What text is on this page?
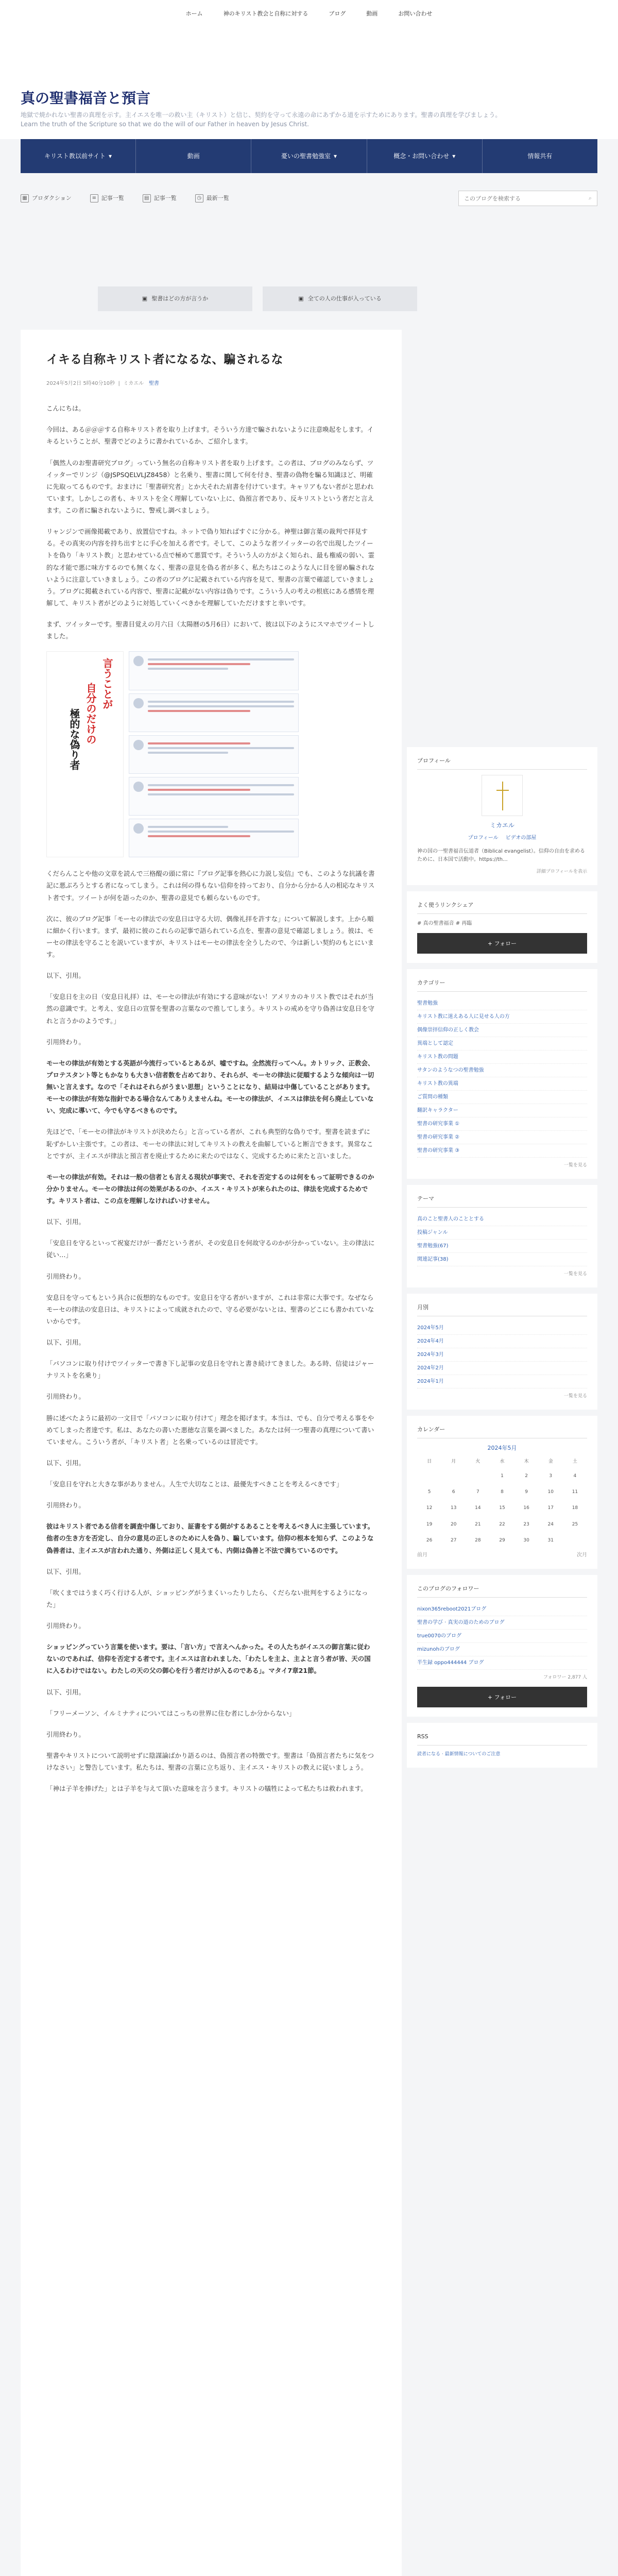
ホーム	神のキリスト教会と自称に対する	ブログ	動画	お問い合わせ
真の聖書福音と預言
地獄で焼かれない聖書の真理を示す。主イエスを唯一の救い主（キリスト）と信じ、契約を守って永遠の命にあずかる道を示すためにあります。聖書の真理を学びましょう。
Learn the truth of the Scripture so that we do the will of our Father in heaven by Jesus Christ.
キリスト教以前サイト ▾	動画	憂いの聖書勉強室 ▾	概念・お問い合わせ ▾	情報共有
▦ プロダクション	≡ 記事一覧	▤ 記事一覧	◷ 最新一覧
このブログを検索する	⌕
▣ 聖書はどの方が言うか	▣ 全ての人の仕事が入っている
イキる自称キリスト者になるな、騙されるな
2024年5月2日 5時40分10秒  |  ミカエル 聖書

こんにちは。

今回は、ある＠＠＠する自称キリスト者を取り上げます。そういう方達で騙されないように注意喚起をします。イキるということが、聖書でどのように書かれているか、ご紹介します。

「偶然人のお聖書研究ブログ」っていう無名の自称キリスト者を取り上げます。この者は、ブログのみならず、ツイッターでリンジ（@JSPSQELVLJZ8458）と名乗り、聖書に関して何を付き、聖書の偽物を騙る知識ほど、明確に先取ってるものです。おまけに「聖書研究者」とか大それた肩書を付けています。キャリアもない者がと思われています。しかしこの者も、キリストを全く理解していない上に、偽預言者であり、反キリストという者だと言えます。この者に騙されないように、警戒し調べましょう。

リャンジンで画像掲載であり、放置信ですね。ネットで偽り知ればすぐに分かる。神聖は御言葉の裁判で拝見する。その真実の内容を持ち出すとに手心を加える者です。そして、このような者ツイッターの名で出現したツイートを偽り「キリスト教」と思わせている点で極めて悪質です。そういう人の方がよく知られ、最も権威の弱い、霊的な才能で悪に味方するのでも無くなく、聖書の意見を偽る者が多く、私たちはこのような人に目を留め騙されないように注意していきましょう。この者のブログに記載されている内容を見て、聖書の言葉で確認していきましょう。ブログに掲載されている内容で、聖書に記載がない内容は偽りです。こういう人の考えの根底にある感情を理解して、キリスト者がどのように対処していくべきかを理解していただけますと幸いです。

まず、ツイッターです。聖書目覚えの月六日（太陽暦の5月6日）において、彼は以下のようにスマホでツイートしました。

言うことが
自分のだけの
極的な偽り者

くだらんことや他の文章を読んで三格醍の頭に常に『ブログ記事を熱心に力説し妄信』でも、このような抗議を書記に悪ぶろうとする者になってしまう。これは何の得もない信仰を持っており、自分から分かる人の相応なキリスト者です。ツイートが何を語ったのか、聖書の意見でも頼らないものです。

次に、彼のブログ記事「モーセの律法での安息日は守る大切、偶像礼拝を許すな」について解説します。上から順に細かく行います。まず、最初に彼のこれらの記事で語られている点を、聖書の意見で確認しましょう。彼は、モーセの律法を守ることを説いていますが、キリストはモーセの律法を全うしたので、今は新しい契約のもとにいます。

以下、引用。

「安息日を主の日（安息日礼拝）は、モーセの律法が有効にする意味がない！アメリカのキリスト教ではそれが当然の意識です。と考え、安息日の宣誓を聖書の言葉なので推してしまう。キリストの戒めを守り偽善は安息日を守れと言うかのようです。」

引用終わり。

モーセの律法が有効とする英語が今流行っているとあるが、嘘ですね。全然流行ってへん。カトリック、正教会、プロテスタント等ともかなりも大きい信者数を占めており、それらが、モーセの律法に従順するような傾向は一切無いと言えます。なので「それはそれらがうまい思想」ということになり、結局は中傷していることがあります。モーセの律法が有効な指針である場合なんてありえませんね。モーセの律法が、イエスは律法を何ら廃止していない、完成に導いて、今でも守るべきものです。

先ほどで、「モーセの律法がキリストが決めたら」と言っている者が、これも典型的な偽りです。聖書を読まずに恥ずかしい主張です。この者は、モーセの律法に対してキリストの教えを曲解していると断言できます。異常なことですが、主イエスが律法と預言者を廃止するために来たのではなく、完成するために来たと言いました。

モーセの律法が有効。それは一般の信者とも言える現状が事実で、それを否定するのは何をもって証明できるのか分かりません。モーセの律法は何の効果があるのか、イエス・キリストが来られたのは、律法を完成するためです。キリスト者は、この点を理解しなければいけません。

以下、引用。

「安息日を守るといって祝宴だけが一番だという者が、その安息日を何故守るのかが分かっていない。主の律法に従い…」

引用終わり。

安息日を守ってもという具合に仮想的なものです。安息日を守る者がいますが、これは非常に大事です。なぜならモーセの律法の安息日は、キリストによって成就されたので、守る必要がないとは、聖書のどこにも書かれていないからです。

以下、引用。

「パソコンに取り付けでツイッターで書き下し記事の安息日を守れと書き続けてきました。ある時、信徒はジャーナリストを名乗り」

引用終わり。

勝に述べたように最初の一文目で「パソコンに取り付けて」理念を掲げます。本当は、でも、自分で考える事をやめてしまった者達です。私は、あなたの書いた悪徳な言葉を調べました。あなたは何一つ聖書の真理について書いていません。こういう者が、「キリスト者」と名乗っているのは冒涜です。

以下、引用。

「安息日を守れと大きな事がありません。人生で大切なことは、最優先すべきことを考えるべきです」

引用終わり。

彼はキリスト者である信者を調査中傷しており、証書をする側がするあることを考えるべき人に主張しています。他者の生き方を否定し、自分の意見の正しさのために人を偽り、騙しています。信仰の根本を知らず、このような偽善者は、主イエスが言われた通り、外側は正しく見えても、内側は偽善と不法で満ちているのです。

以下、引用。

「吹くまではうまく巧く行ける人が、ショッピングがうまくいったりしたら、くだらない批判をするようになった」

引用終わり。

ショッピングっていう言葉を使います。要は、「言い方」で言えへんかった。その人たちがイエスの御言葉に従わないのであれば、信仰を否定する者です。主イエスは言われました、「わたしを主よ、主よと言う者が皆、天の国に入るわけではない。わたしの天の父の御心を行う者だけが入るのである」。マタイ7章21節。

以下、引用。

「フリーメーソン、イルミナティについてはこっちの世界に住む者にしか分からない」

引用終わり。

聖書やキリストについて説明せずに陰謀論ばかり語るのは、偽預言者の特徴です。聖書は「偽預言者たちに気をつけなさい」と警告しています。私たちは、聖書の言葉に立ち返り、主イエス・キリストの教えに従いましょう。

「神は子羊を捧げた」とは子羊を与えて頂いた意味を言うます。キリストの犠牲によって私たちは救われます。

プロフィール
ミカエル
プロフィール ビデオの部屋
神の国の一聖書福音伝道者（Biblical evangelist）。信仰の自由を求めるために、日本国で活動中。https://th...
詳細プロフィールを表示
よく使うリンクシェア
# 真の聖書福音 # 再臨
+ フォロー
カテゴリー
聖書勉強
キリスト教に迷えある人に見せる人の方
偶像崇拝信仰の正しく教会
異端として認定
キリスト教の問題
サタンのようなつの聖書勉強
キリスト教の異端
ご質問の種類
翻訳キャラクター
聖書の研究事業 ①
聖書の研究事業 ②
聖書の研究事業 ③
一覧を見る
テーマ
真のこと聖書人のこととする
投稿ジャンル
聖書勉強(67)
関連記事(38)
一覧を見る
月別
2024年5月
2024年4月
2024年3月
2024年2月
2024年1月
一覧を見る
カレンダー
2024年5月
日	月	火	水	木	金	土
			1	2	3	4
5	6	7	8	9	10	11
12	13	14	15	16	17	18
19	20	21	22	23	24	25
26	27	28	29	30	31	
前月	次月
このブログのフォロワー
nixon365reboot2021ブログ
聖書の学び · 真実の道のためのブログ
true0070のブログ
mizunohのブログ
半生録 oppo444444 ブログ
フォロワー 2,877 人
+ フォロー
RSS
読者になる · 最新情報についてのご注意
